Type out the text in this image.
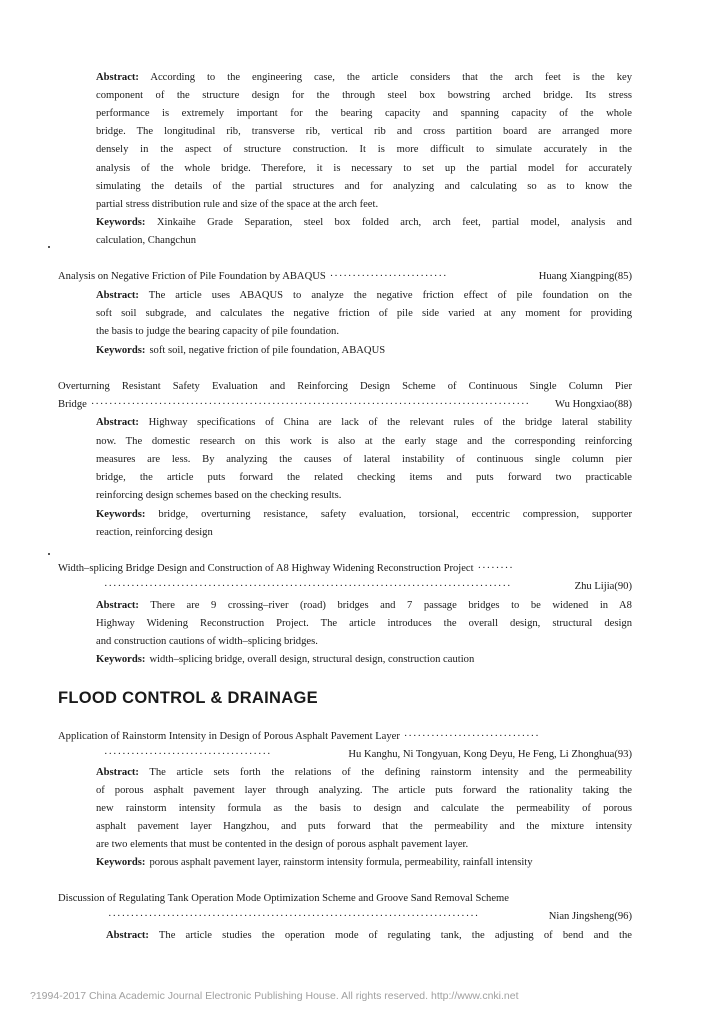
Abstract: According to the engineering case, the article considers that the arch feet is the key
component of the structure design for the through steel box bowstring arched bridge. Its stress
performance is extremely important for the bearing capacity and spanning capacity of the whole
bridge. The longitudinal rib, transverse rib, vertical rib and cross partition board are arranged more
densely in the aspect of structure construction. It is more difficult to simulate accurately in the
analysis of the whole bridge. Therefore, it is necessary to set up the partial model for accurately
simulating the details of the partial structures and for analyzing and calculating so as to know the
partial stress distribution rule and size of the space at the arch feet.
Keywords: Xinkaihe Grade Separation, steel box folded arch, arch feet, partial model, analysis and
calculation, Changchun
Analysis on Negative Friction of Pile Foundation by ABAQUS ··························	Huang Xiangping(85)
Abstract: The article uses ABAQUS to analyze the negative friction effect of pile foundation on the
soft soil subgrade, and calculates the negative friction of pile side varied at any moment for providing
the basis to judge the bearing capacity of pile foundation.
Keywords: soft soil, negative friction of pile foundation, ABAQUS
Overturning Resistant Safety Evaluation and Reinforcing Design Scheme of Continuous Single Column Pier
Bridge ·································································································	Wu Hongxiao(88)
Abstract: Highway specifications of China are lack of the relevant rules of the bridge lateral stability
now. The domestic research on this work is also at the early stage and the corresponding reinforcing
measures are less. By analyzing the causes of lateral instability of continuous single column pier
bridge, the article puts forward the related checking items and puts forward two practicable
reinforcing design schemes based on the checking results.
Keywords: bridge, overturning resistance, safety evaluation, torsional, eccentric compression, supporter
reaction, reinforcing design
Width–splicing Bridge Design and Construction of A8 Highway Widening Reconstruction Project ········
··························································································	Zhu Lijia(90)
Abstract: There are 9 crossing–river (road) bridges and 7 passage bridges to be widened in A8
Highway Widening Reconstruction Project. The article introduces the overall design, structural design
and construction cautions of width–splicing bridges.
Keywords: width–splicing bridge, overall design, structural design, construction caution
FLOOD CONTROL & DRAINAGE
Application of Rainstorm Intensity in Design of Porous Asphalt Pavement Layer ······························
·····································	Hu Kanghu, Ni Tongyuan, Kong Deyu, He Feng, Li Zhonghua(93)
Abstract: The article sets forth the relations of the defining rainstorm intensity and the permeability
of porous asphalt pavement layer through analyzing. The article puts forward the rationality taking the
new rainstorm intensity formula as the basis to design and calculate the permeability of porous
asphalt pavement layer Hangzhou, and puts forward that the permeability and the mixture intensity
are two elements that must be contented in the design of porous asphalt pavement layer.
Keywords: porous asphalt pavement layer, rainstorm intensity formula, permeability, rainfall intensity
Discussion of Regulating Tank Operation Mode Optimization Scheme and Groove Sand Removal Scheme
··················································································	Nian Jingsheng(96)
Abstract: The article studies the operation mode of regulating tank, the adjusting of bend and the
?1994-2017 China Academic Journal Electronic Publishing House. All rights reserved. http://www.cnki.net
